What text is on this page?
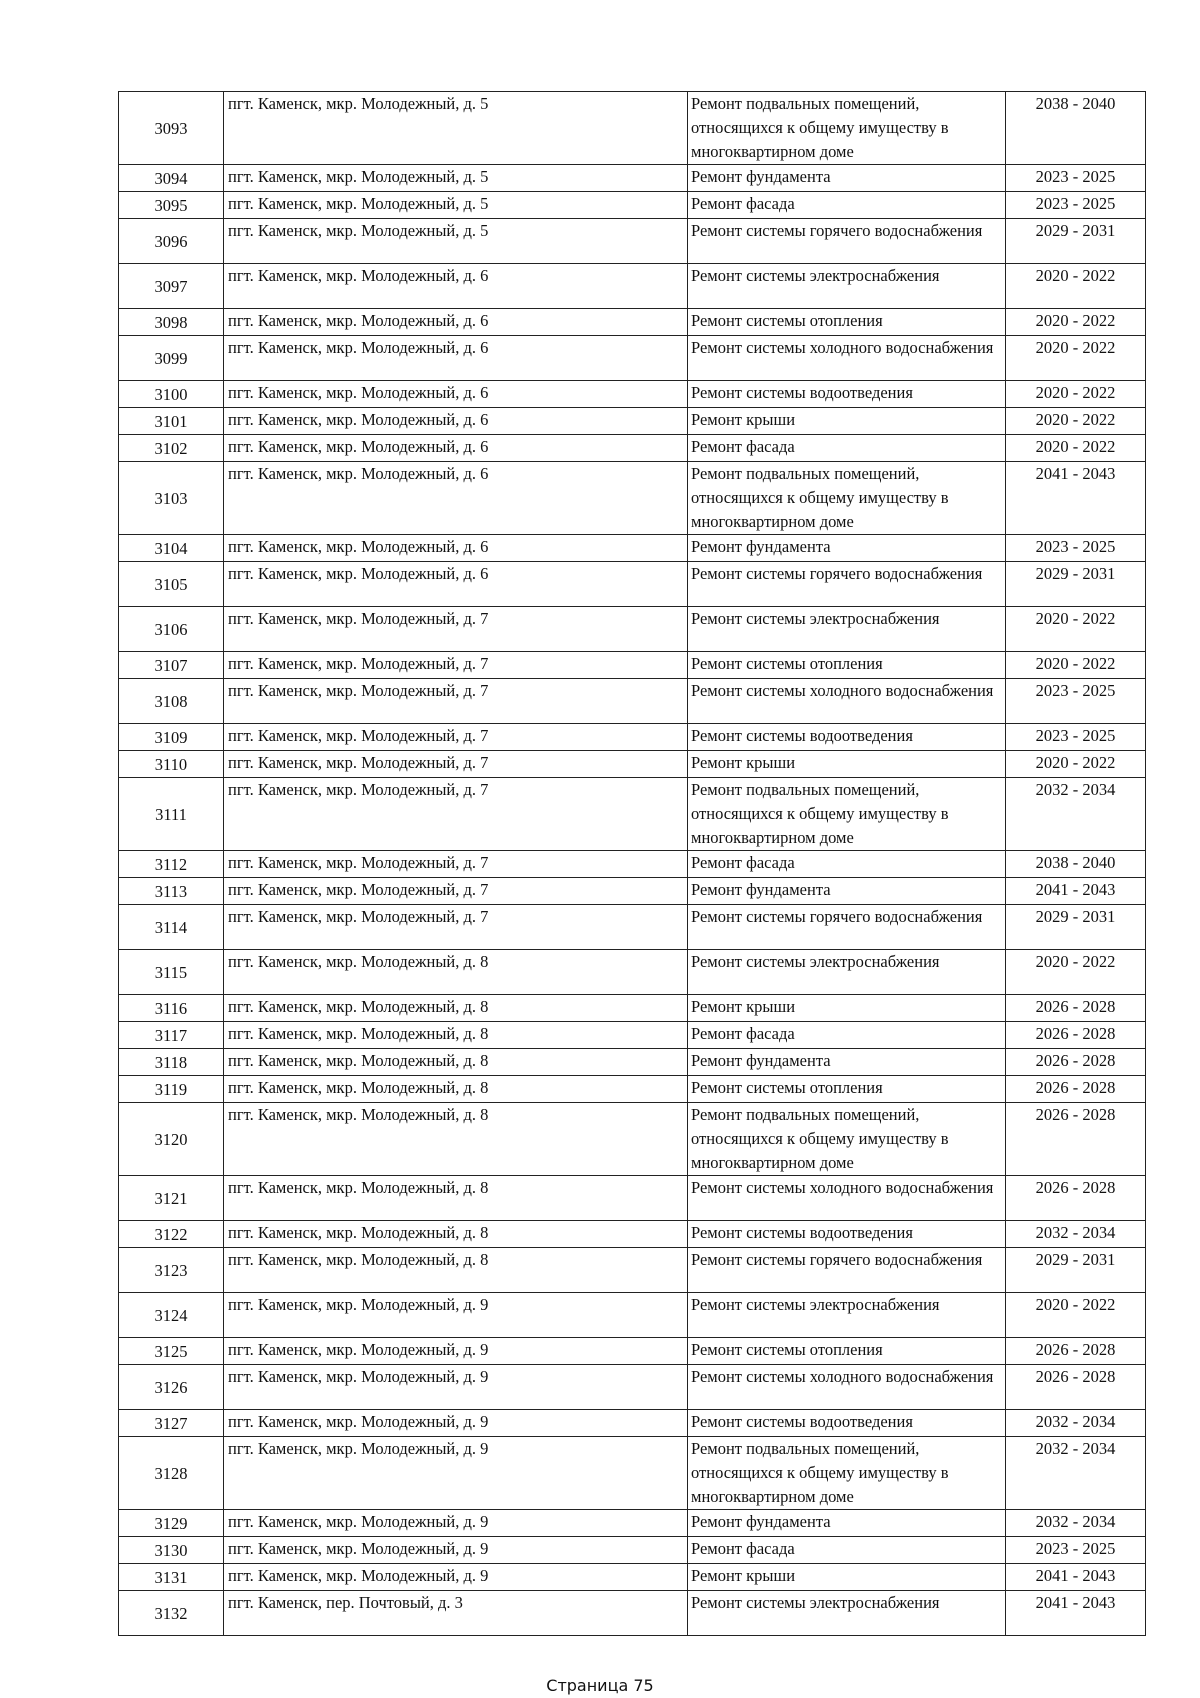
3093	пгт. Каменск, мкр. Молодежный, д. 5	Ремонт подвальных помещений, относящихся к общему имуществу в многоквартирном доме	2038 - 2040
3094	пгт. Каменск, мкр. Молодежный, д. 5	Ремонт фундамента	2023 - 2025
3095	пгт. Каменск, мкр. Молодежный, д. 5	Ремонт фасада	2023 - 2025
3096	пгт. Каменск, мкр. Молодежный, д. 5	Ремонт системы горячего водоснабжения	2029 - 2031
3097	пгт. Каменск, мкр. Молодежный, д. 6	Ремонт системы электроснабжения	2020 - 2022
3098	пгт. Каменск, мкр. Молодежный, д. 6	Ремонт системы отопления	2020 - 2022
3099	пгт. Каменск, мкр. Молодежный, д. 6	Ремонт системы холодного водоснабжения	2020 - 2022
3100	пгт. Каменск, мкр. Молодежный, д. 6	Ремонт системы водоотведения	2020 - 2022
3101	пгт. Каменск, мкр. Молодежный, д. 6	Ремонт крыши	2020 - 2022
3102	пгт. Каменск, мкр. Молодежный, д. 6	Ремонт фасада	2020 - 2022
3103	пгт. Каменск, мкр. Молодежный, д. 6	Ремонт подвальных помещений, относящихся к общему имуществу в многоквартирном доме	2041 - 2043
3104	пгт. Каменск, мкр. Молодежный, д. 6	Ремонт фундамента	2023 - 2025
3105	пгт. Каменск, мкр. Молодежный, д. 6	Ремонт системы горячего водоснабжения	2029 - 2031
3106	пгт. Каменск, мкр. Молодежный, д. 7	Ремонт системы электроснабжения	2020 - 2022
3107	пгт. Каменск, мкр. Молодежный, д. 7	Ремонт системы отопления	2020 - 2022
3108	пгт. Каменск, мкр. Молодежный, д. 7	Ремонт системы холодного водоснабжения	2023 - 2025
3109	пгт. Каменск, мкр. Молодежный, д. 7	Ремонт системы водоотведения	2023 - 2025
3110	пгт. Каменск, мкр. Молодежный, д. 7	Ремонт крыши	2020 - 2022
3111	пгт. Каменск, мкр. Молодежный, д. 7	Ремонт подвальных помещений, относящихся к общему имуществу в многоквартирном доме	2032 - 2034
3112	пгт. Каменск, мкр. Молодежный, д. 7	Ремонт фасада	2038 - 2040
3113	пгт. Каменск, мкр. Молодежный, д. 7	Ремонт фундамента	2041 - 2043
3114	пгт. Каменск, мкр. Молодежный, д. 7	Ремонт системы горячего водоснабжения	2029 - 2031
3115	пгт. Каменск, мкр. Молодежный, д. 8	Ремонт системы электроснабжения	2020 - 2022
3116	пгт. Каменск, мкр. Молодежный, д. 8	Ремонт крыши	2026 - 2028
3117	пгт. Каменск, мкр. Молодежный, д. 8	Ремонт фасада	2026 - 2028
3118	пгт. Каменск, мкр. Молодежный, д. 8	Ремонт фундамента	2026 - 2028
3119	пгт. Каменск, мкр. Молодежный, д. 8	Ремонт системы отопления	2026 - 2028
3120	пгт. Каменск, мкр. Молодежный, д. 8	Ремонт подвальных помещений, относящихся к общему имуществу в многоквартирном доме	2026 - 2028
3121	пгт. Каменск, мкр. Молодежный, д. 8	Ремонт системы холодного водоснабжения	2026 - 2028
3122	пгт. Каменск, мкр. Молодежный, д. 8	Ремонт системы водоотведения	2032 - 2034
3123	пгт. Каменск, мкр. Молодежный, д. 8	Ремонт системы горячего водоснабжения	2029 - 2031
3124	пгт. Каменск, мкр. Молодежный, д. 9	Ремонт системы электроснабжения	2020 - 2022
3125	пгт. Каменск, мкр. Молодежный, д. 9	Ремонт системы отопления	2026 - 2028
3126	пгт. Каменск, мкр. Молодежный, д. 9	Ремонт системы холодного водоснабжения	2026 - 2028
3127	пгт. Каменск, мкр. Молодежный, д. 9	Ремонт системы водоотведения	2032 - 2034
3128	пгт. Каменск, мкр. Молодежный, д. 9	Ремонт подвальных помещений, относящихся к общему имуществу в многоквартирном доме	2032 - 2034
3129	пгт. Каменск, мкр. Молодежный, д. 9	Ремонт фундамента	2032 - 2034
3130	пгт. Каменск, мкр. Молодежный, д. 9	Ремонт фасада	2023 - 2025
3131	пгт. Каменск, мкр. Молодежный, д. 9	Ремонт крыши	2041 - 2043
3132	пгт. Каменск, пер. Почтовый, д. 3	Ремонт системы электроснабжения	2041 - 2043
Страница 75
